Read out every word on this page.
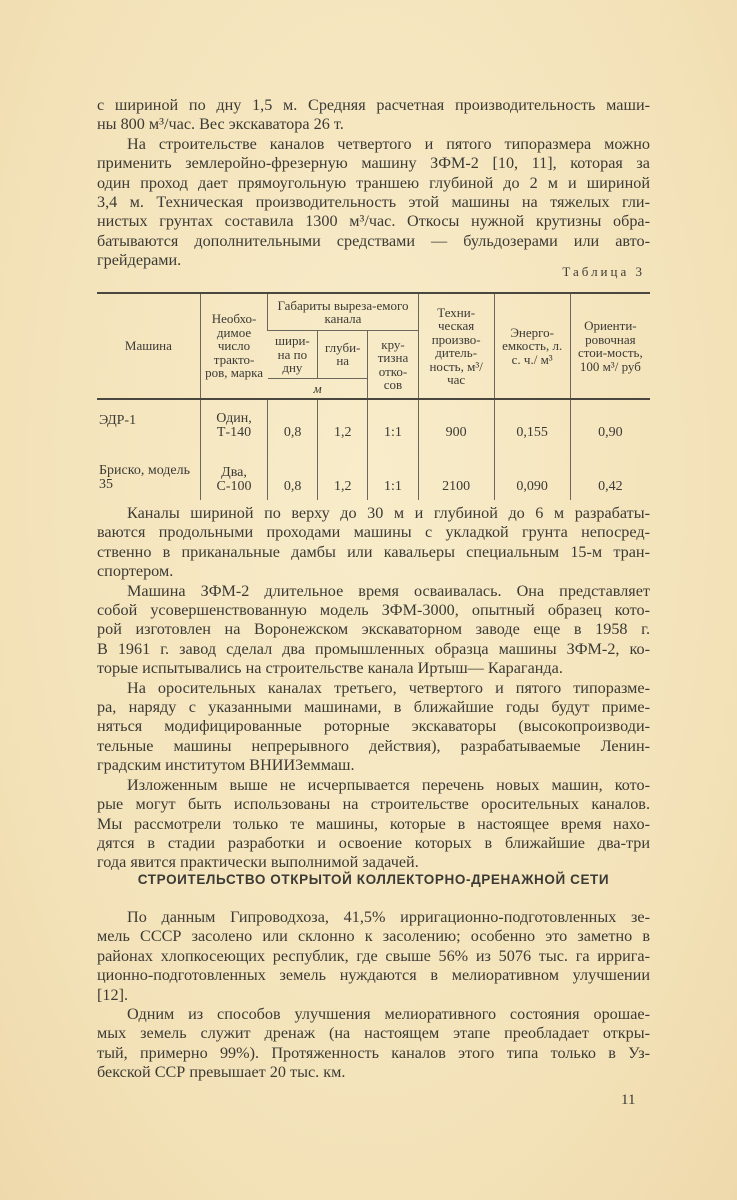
с шириной по дну 1,5 м. Средняя расчетная производительность маши-
ны 800 м³/час. Вес экскаватора 26 т.
На строительстве каналов четвертого и пятого типоразмера можно
применить землеройно-фрезерную машину ЗФМ-2 [10, 11], которая за
один проход дает прямоугольную траншею глубиной до 2 м и шириной
3,4 м. Техническая производительность этой машины на тяжелых гли-
нистых грунтах составила 1300 м³/час. Откосы нужной крутизны обра-
батываются дополнительными средствами — бульдозерами или авто-
грейдерами.
Таблица 3
Машина	Необхо-димое число тракто-ров, марка	Габариты выреза-емого канала			Техни-ческая произво-дитель-ность, м³/ час	Энерго-емкость, л. с. ч./ м³	Ориенти-ровочная стои-мость, 100 м³/ руб
		шири-на по дну	глуби-на	кру-тизна отко-сов			
		м					
ЭДР-1	Один, Т-140	0,8	1,2	1:1	900	0,155	0,90
Бриско, модель 35	Два, С-100	0,8	1,2	1:1	2100	0,090	0,42
Каналы шириной по верху до 30 м и глубиной до 6 м разрабаты-
ваются продольными проходами машины с укладкой грунта непосред-
ственно в приканальные дамбы или кавальеры специальным 15-м тран-
спортером.
Машина ЗФМ-2 длительное время осваивалась. Она представляет
собой усовершенствованную модель ЗФМ-3000, опытный образец кото-
рой изготовлен на Воронежском экскаваторном заводе еще в 1958 г.
В 1961 г. завод сделал два промышленных образца машины ЗФМ-2, ко-
торые испытывались на строительстве канала Иртыш— Караганда.
На оросительных каналах третьего, четвертого и пятого типоразме-
ра, наряду с указанными машинами, в ближайшие годы будут приме-
няться модифицированные роторные экскаваторы (высокопроизводи-
тельные машины непрерывного действия), разрабатываемые Ленин-
градским институтом ВНИИЗеммаш.
Изложенным выше не исчерпывается перечень новых машин, кото-
рые могут быть использованы на строительстве оросительных каналов.
Мы рассмотрели только те машины, которые в настоящее время нахо-
дятся в стадии разработки и освоение которых в ближайшие два-три
года явится практически выполнимой задачей.
СТРОИТЕЛЬСТВО ОТКРЫТОЙ КОЛЛЕКТОРНО-ДРЕНАЖНОЙ СЕТИ
По данным Гипроводхоза, 41,5% ирригационно-подготовленных зе-
мель СССР засолено или склонно к засолению; особенно это заметно в
районах хлопкосеющих республик, где свыше 56% из 5076 тыс. га ирригa-
ционно-подготовленных земель нуждаются в мелиоративном улучшении
[12].
Одним из способов улучшения мелиоративного состояния орошае-
мых земель служит дренаж (на настоящем этапе преобладает откры-
тый, примерно 99%). Протяженность каналов этого типа только в Уз-
бекской ССР превышает 20 тыс. км.
11
